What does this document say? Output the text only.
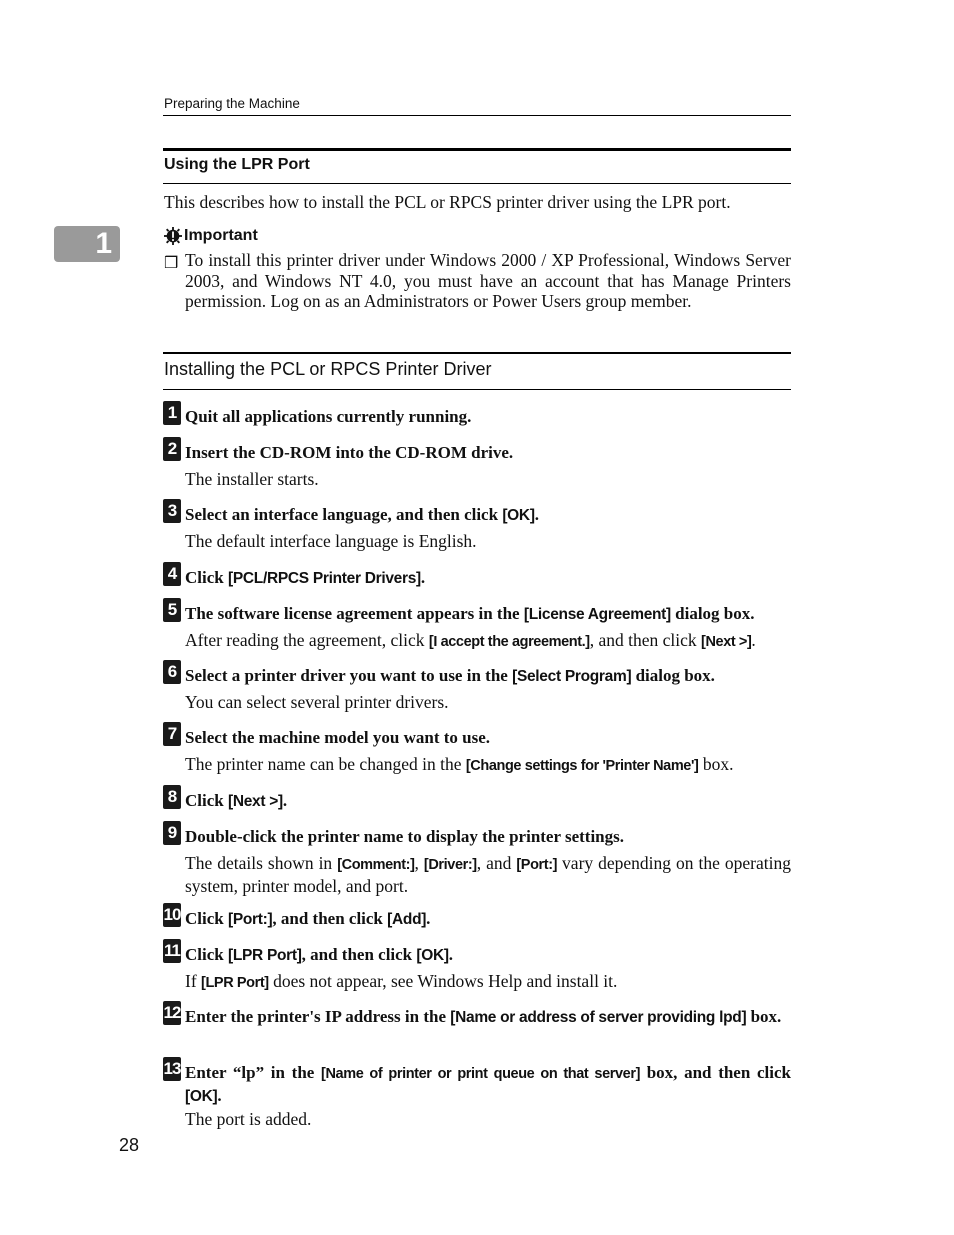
Preparing the Machine
1
Using the LPR Port
This describes how to install the PCL or RPCS printer driver using the LPR port.
Important
❒ To install this printer driver under Windows 2000 / XP Professional, Windows Server 2003, and Windows NT 4.0, you must have an account that has Manage Printers permission. Log on as an Administrators or Power Users group member.
Installing the PCL or RPCS Printer Driver
1 Quit all applications currently running.
2 Insert the CD-ROM into the CD-ROM drive.
The installer starts.
3 Select an interface language, and then click [OK].
The default interface language is English.
4 Click [PCL/RPCS Printer Drivers].
5 The software license agreement appears in the [License Agreement] dialog box.
After reading the agreement, click [I accept the agreement.], and then click [Next >].
6 Select a printer driver you want to use in the [Select Program] dialog box.
You can select several printer drivers.
7 Select the machine model you want to use.
The printer name can be changed in the [Change settings for 'Printer Name'] box.
8 Click [Next >].
9 Double-click the printer name to display the printer settings.
The details shown in [Comment:], [Driver:], and [Port:] vary depending on the operating system, printer model, and port.
10 Click [Port:], and then click [Add].
11 Click [LPR Port], and then click [OK].
If [LPR Port] does not appear, see Windows Help and install it.
12 Enter the printer's IP address in the [Name or address of server providing lpd] box.
13 Enter “lp” in the [Name of printer or print queue on that server] box, and then click [OK].
The port is added.
28
